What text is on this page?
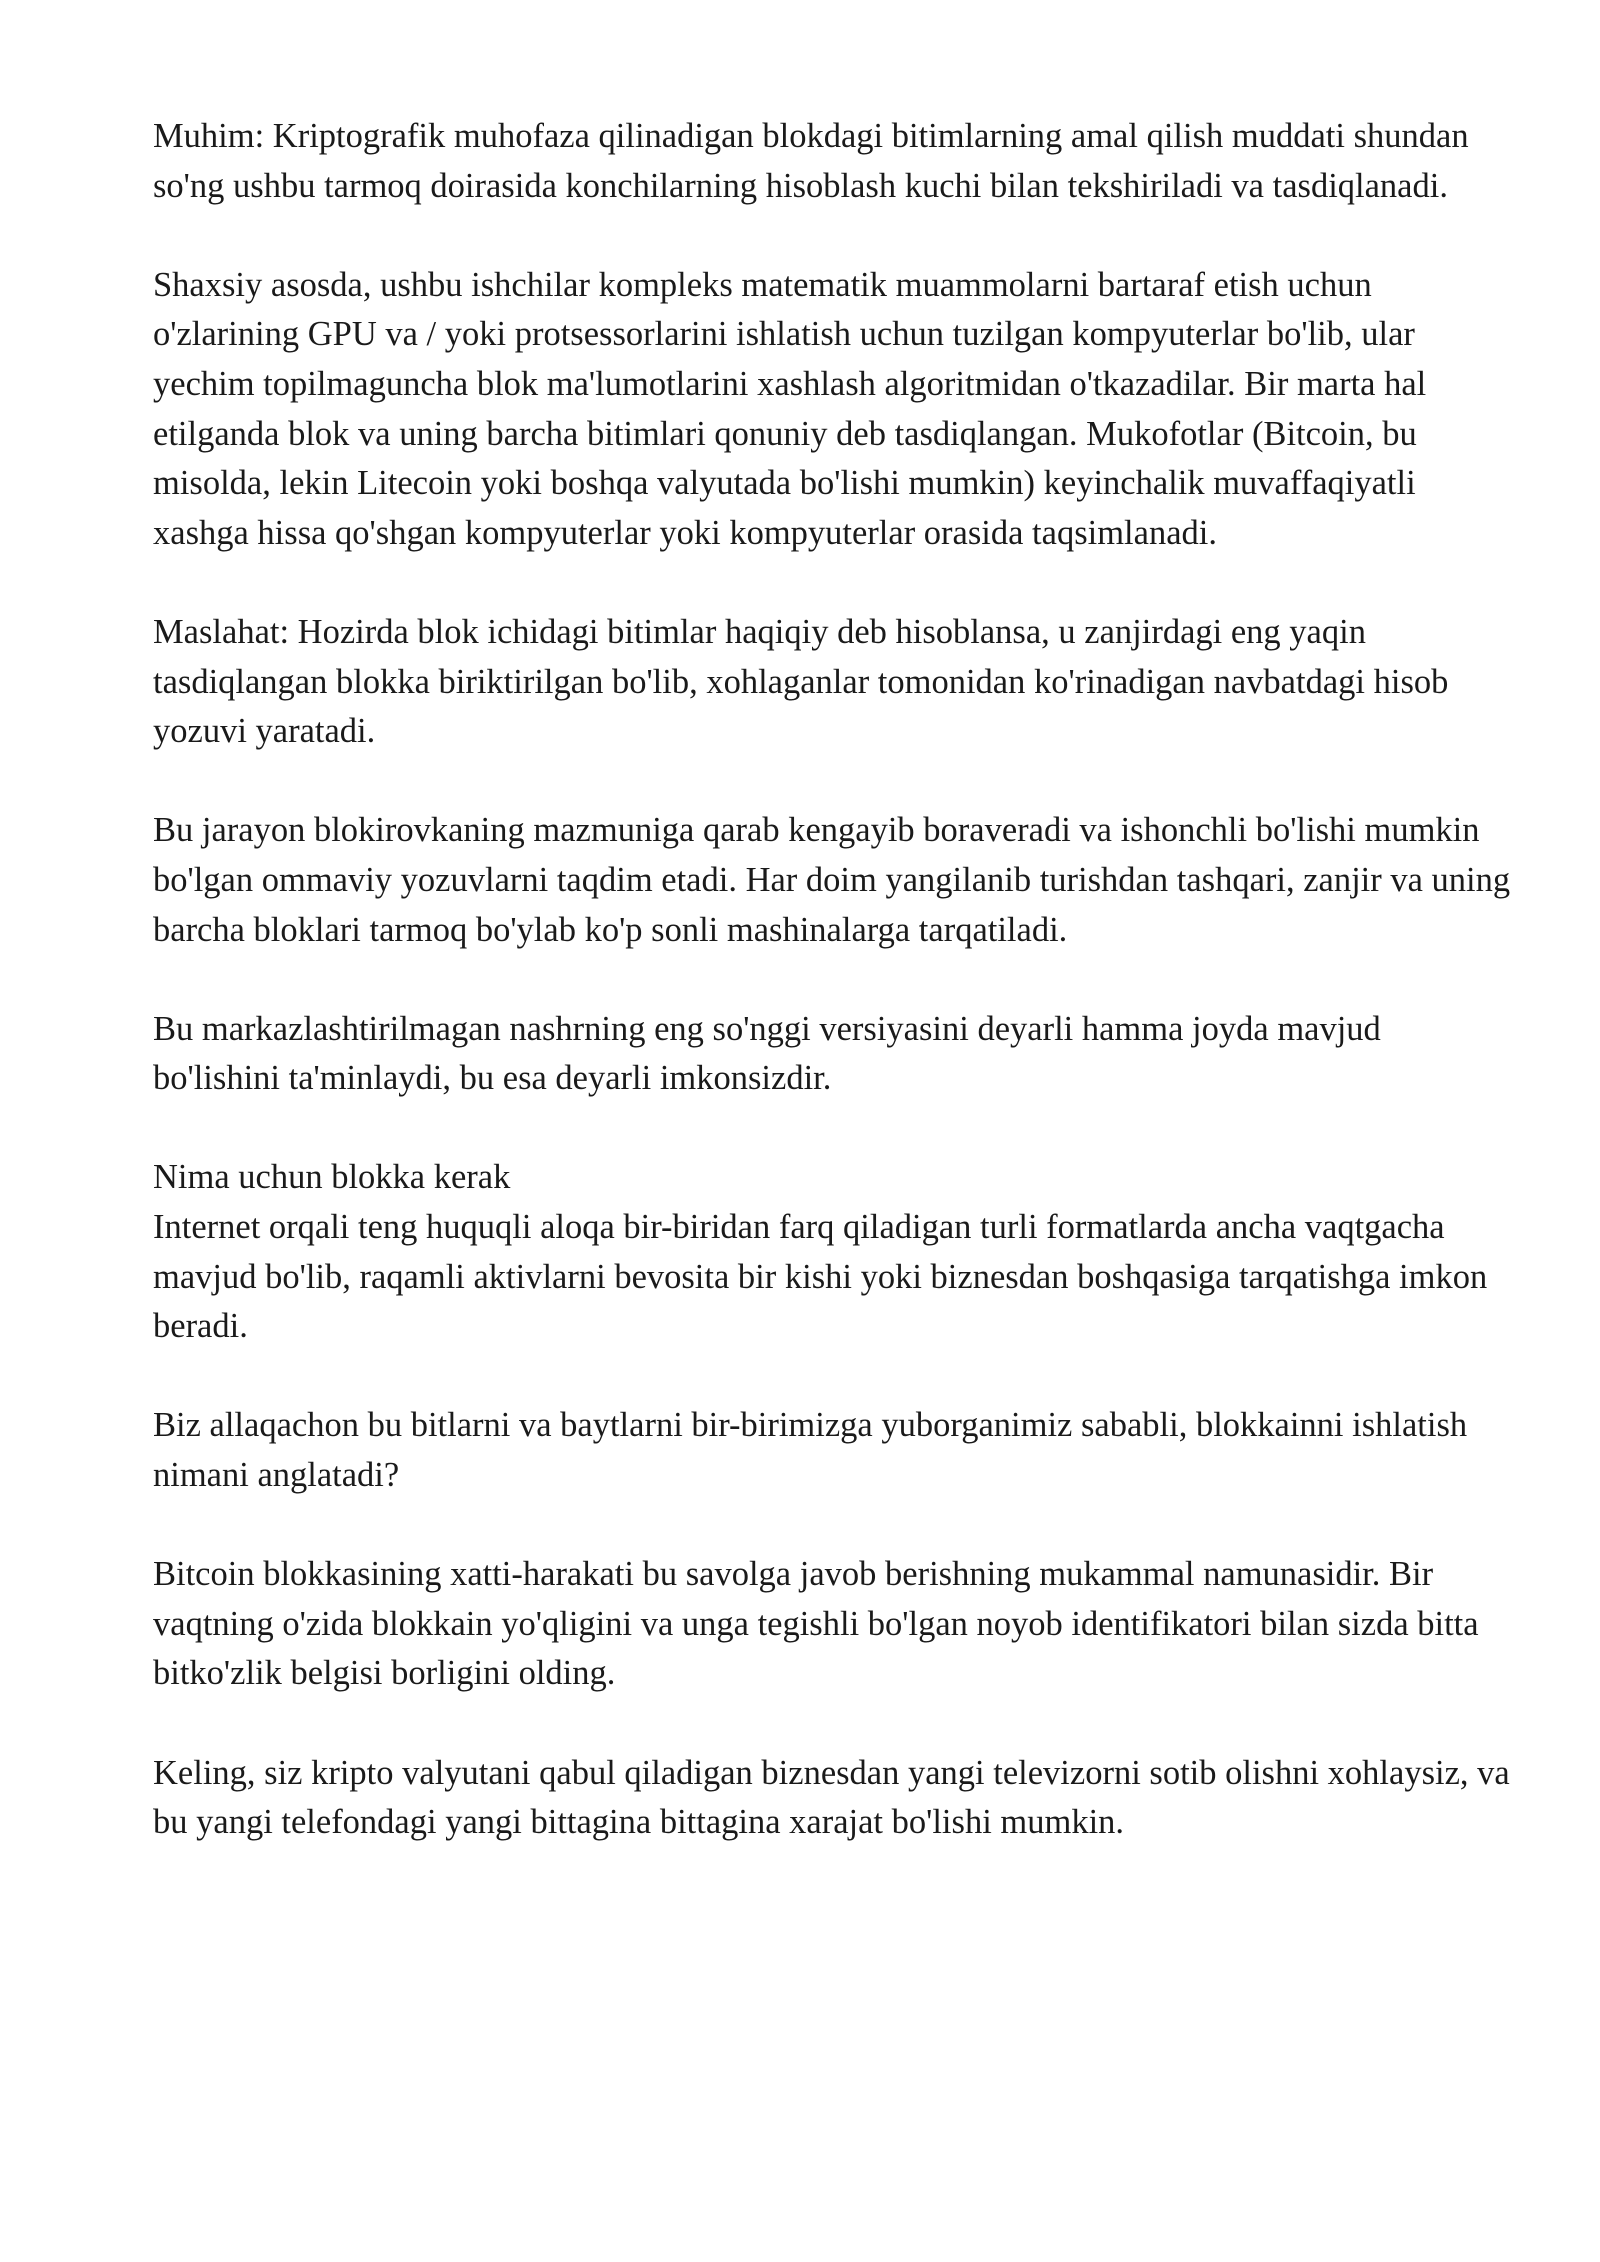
Muhim: Kriptografik muhofaza qilinadigan blokdagi bitimlarning amal qilish muddati shundan so'ng ushbu tarmoq doirasida konchilarning hisoblash kuchi bilan tekshiriladi va tasdiqlanadi.

Shaxsiy asosda, ushbu ishchilar kompleks matematik muammolarni bartaraf etish uchun o'zlarining GPU va / yoki protsessorlarini ishlatish uchun tuzilgan kompyuterlar bo'lib, ular yechim topilmaguncha blok ma'lumotlarini xashlash algoritmidan o'tkazadilar. Bir marta hal etilganda blok va uning barcha bitimlari qonuniy deb tasdiqlangan. Mukofotlar (Bitcoin, bu misolda, lekin Litecoin yoki boshqa valyutada bo'lishi mumkin) keyinchalik muvaffaqiyatli xashga hissa qo'shgan kompyuterlar yoki kompyuterlar orasida taqsimlanadi.

Maslahat: Hozirda blok ichidagi bitimlar haqiqiy deb hisoblansa, u zanjirdagi eng yaqin tasdiqlangan blokka biriktirilgan bo'lib, xohlaganlar tomonidan ko'rinadigan navbatdagi hisob yozuvi yaratadi.

Bu jarayon blokirovkaning mazmuniga qarab kengayib boraveradi va ishonchli bo'lishi mumkin bo'lgan ommaviy yozuvlarni taqdim etadi. Har doim yangilanib turishdan tashqari, zanjir va uning barcha bloklari tarmoq bo'ylab ko'p sonli mashinalarga tarqatiladi.

Bu markazlashtirilmagan nashrning eng so'nggi versiyasini deyarli hamma joyda mavjud bo'lishini ta'minlaydi, bu esa deyarli imkonsizdir.

Nima uchun blokka kerak

Internet orqali teng huquqli aloqa bir-biridan farq qiladigan turli formatlarda ancha vaqtgacha mavjud bo'lib, raqamli aktivlarni bevosita bir kishi yoki biznesdan boshqasiga tarqatishga imkon beradi.

Biz allaqachon bu bitlarni va baytlarni bir-birimizga yuborganimiz sababli, blokkainni ishlatish nimani anglatadi?

Bitcoin blokkasining xatti-harakati bu savolga javob berishning mukammal namunasidir. Bir vaqtning o'zida blokkain yo'qligini va unga tegishli bo'lgan noyob identifikatori bilan sizda bitta bitko'zlik belgisi borligini olding.

Keling, siz kripto valyutani qabul qiladigan biznesdan yangi televizorni sotib olishni xohlaysiz, va bu yangi telefondagi yangi bittagina bittagina xarajat bo'lishi mumkin.
